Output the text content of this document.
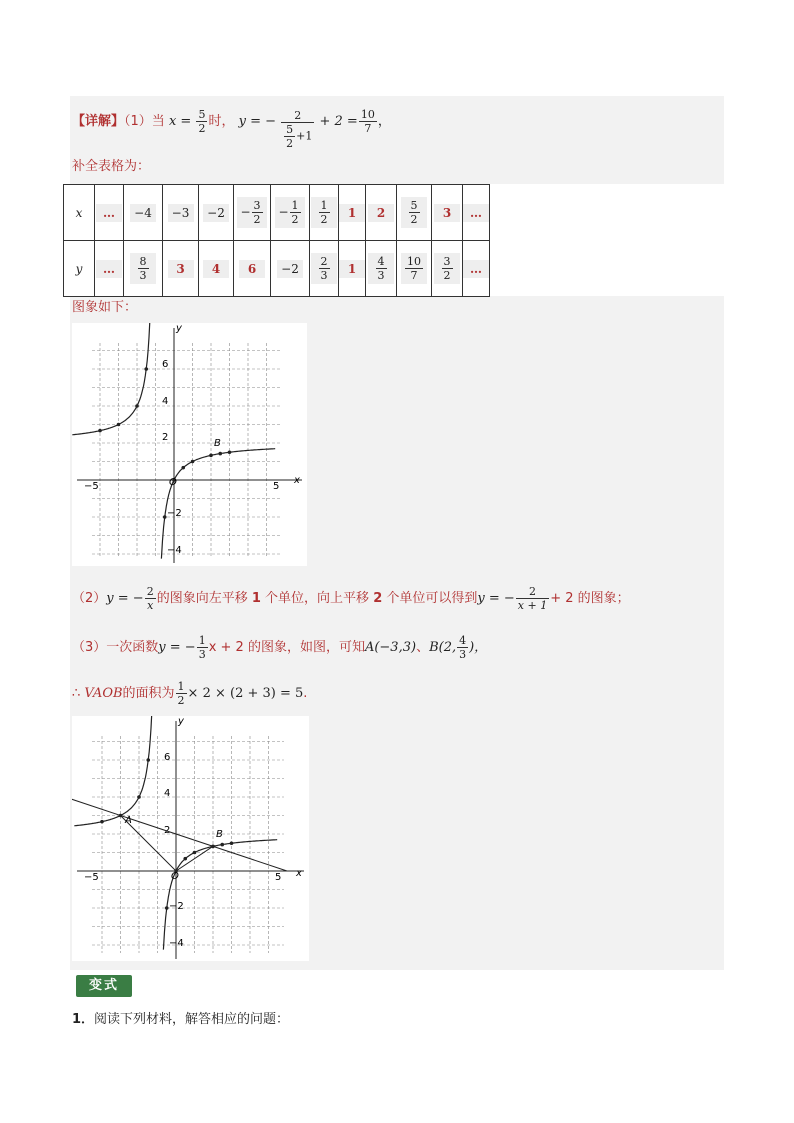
【详解】（1）当 $x = \frac{5}{2}$ 时， y = − $\frac{2}{\frac{5}{2} +1} + 2 = \frac{10}{7}$ ，
补全表格为：
x	…	−4	−3	−2	− $\frac{3}{2}$	− $\frac{1}{2}$	$\frac{1}{2}$	1	2	$\frac{5}{2}$	3	…
y	…	$\frac{8}{3}$	3	4	6	−2	$\frac{2}{3}$	1	$\frac{4}{3}$	$\frac{10}{7}$	$\frac{3}{2}$	…
图象如下：
x
y
O
B
−5	5
6
4
2
−2
−4
（2）y = − $\frac{2}{x}$ 的图象向左平移 1 个单位，向上平移 2 个单位可以得到y = − $\frac{2}{x + 1} + 2$ 的图象；
（3）一次函数y = − $\frac{1}{3}$ x + 2 的图象，如图，可知A(−3,3)、B(2, $\frac{4}{3}$ )，
∴ VAOB的面积为 $\frac{1}{2} \times 2 \times (2 + 3) = 5$.
x
y
O
A
B
−5	5
6
4
2
−2
−4
变式
1．阅读下列材料，解答相应的问题：
